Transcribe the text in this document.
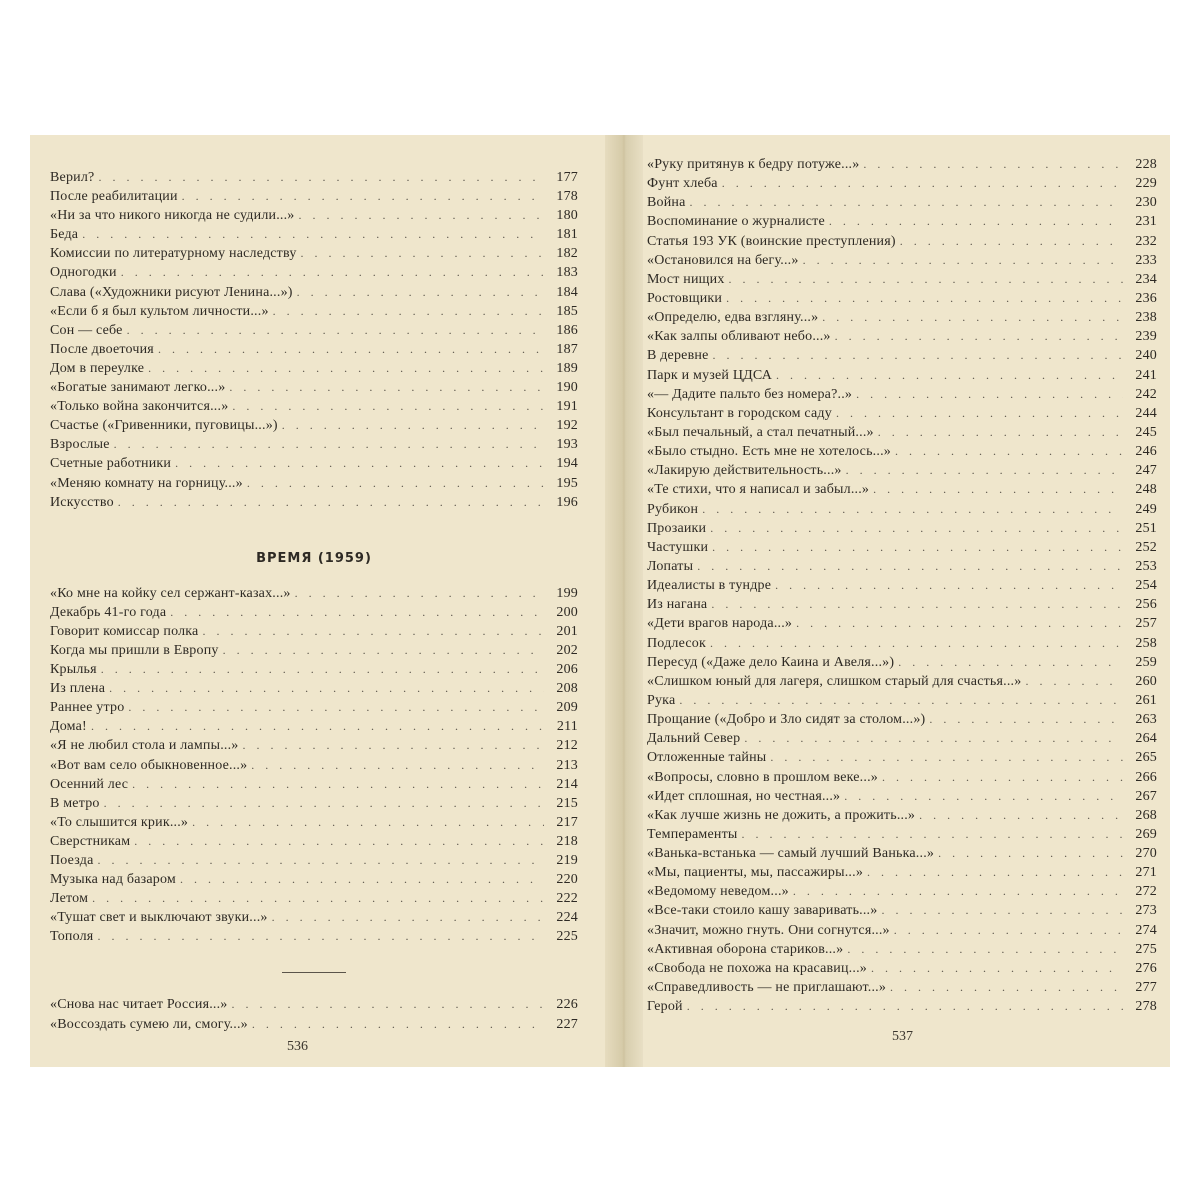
Верил? . . .	177
После реабилитации . . .	178
«Ни за что никого никогда не судили...» . . .	180
Беда . . .	181
Комиссии по литературному наследству . . .	182
Одногодки . . .	183
Слава («Художники рисуют Ленина...») . . .	184
«Если б я был культом личности...» . . .	185
Сон — себе . . .	186
После двоеточия . . .	187
Дом в переулке . . .	189
«Богатые занимают легко...» . . .	190
«Только война закончится...» . . .	191
Счастье («Гривенники, пуговицы...») . . .	192
Взрослые . . .	193
Счетные работники . . .	194
«Меняю комнату на горницу...» . . .	195
Искусство . . .	196
ВРЕМЯ (1959)
«Ко мне на койку сел сержант-казах...» . . .	199
Декабрь 41-го года . . .	200
Говорит комиссар полка . . .	201
Когда мы пришли в Европу . . .	202
Крылья . . .	206
Из плена . . .	208
Раннее утро . . .	209
Дома! . . .	211
«Я не любил стола и лампы...» . . .	212
«Вот вам село обыкновенное...» . . .	213
Осенний лес . . .	214
В метро . . .	215
«То слышится крик...» . . .	217
Сверстникам . . .	218
Поезда . . .	219
Музыка над базаром . . .	220
Летом . . .	222
«Тушат свет и выключают звуки...» . . .	224
Тополя . . .	225
«Снова нас читает Россия...» . . .	226
«Воссоздать сумею ли, смогу...» . . .	227
«Руку притянув к бедру потуже...» . . .	228
Фунт хлеба . . .	229
Война . . .	230
Воспоминание о журналисте . . .	231
Статья 193 УК (воинские преступления) . . .	232
«Остановился на бегу...» . . .	233
Мост нищих . . .	234
Ростовщики . . .	236
«Определю, едва взгляну...» . . .	238
«Как залпы обливают небо...» . . .	239
В деревне . . .	240
Парк и музей ЦДСА . . .	241
«— Дадите пальто без номера?..» . . .	242
Консультант в городском саду . . .	244
«Был печальный, а стал печатный...» . . .	245
«Было стыдно. Есть мне не хотелось...» . . .	246
«Лакирую действительность...» . . .	247
«Те стихи, что я написал и забыл...» . . .	248
Рубикон . . .	249
Прозаики . . .	251
Частушки . . .	252
Лопаты . . .	253
Идеалисты в тундре . . .	254
Из нагана . . .	256
«Дети врагов народа...» . . .	257
Подлесок . . .	258
Пересуд («Даже дело Каина и Авеля...») . . .	259
«Слишком юный для лагеря, слишком старый для счастья...» . . .	260
Рука . . .	261
Прощание («Добро и Зло сидят за столом...») . . .	263
Дальний Север . . .	264
Отложенные тайны . . .	265
«Вопросы, словно в прошлом веке...» . . .	266
«Идет сплошная, но честная...» . . .	267
«Как лучше жизнь не дожить, а прожить...» . . .	268
Темпераменты . . .	269
«Ванька-встанька — самый лучший Ванька...» . . .	270
«Мы, пациенты, мы, пассажиры...» . . .	271
«Ведомому неведом...» . . .	272
«Все-таки стоило кашу заваривать...» . . .	273
«Значит, можно гнуть. Они согнутся...» . . .	274
«Активная оборона стариков...» . . .	275
«Свобода не похожа на красавиц...» . . .	276
«Справедливость — не приглашают...» . . .	277
Герой . . .	278
536
537
